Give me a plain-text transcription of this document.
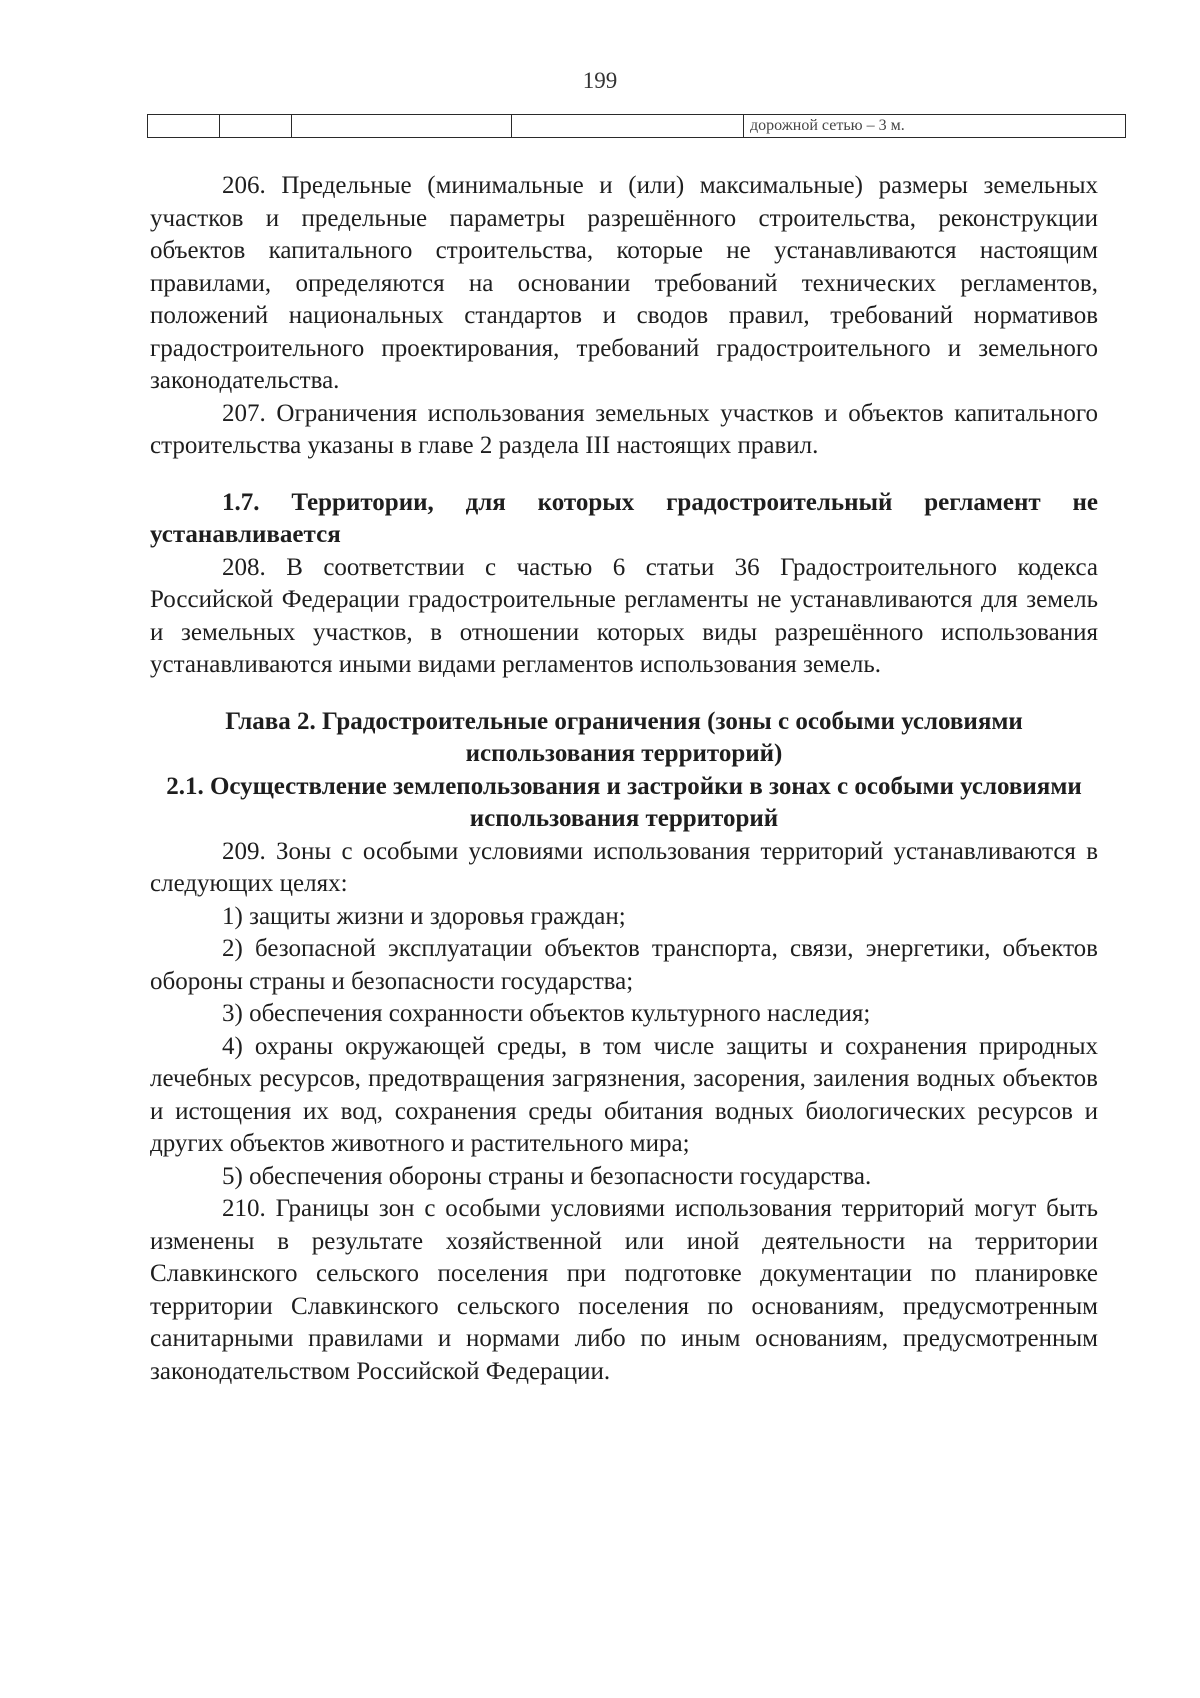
199
				дорожной сетью – 3 м.

206. Предельные (минимальные и (или) максимальные) размеры земельных участков и предельные параметры разрешённого строительства, реконструкции объектов капитального строительства, которые не устанавливаются настоящим правилами, определяются на основании требований технических регламентов, положений национальных стандартов и сводов правил, требований нормативов градостроительного проектирования, требований градостроительного и земельного законодательства.

207. Ограничения использования земельных участков и объектов капитального строительства указаны в главе 2 раздела III настоящих правил.

1.7. Территории, для которых градостроительный регламент не устанавливается

208. В соответствии с частью 6 статьи 36 Градостроительного кодекса Российской Федерации градостроительные регламенты не устанавливаются для земель и земельных участков, в отношении которых виды разрешённого использования устанавливаются иными видами регламентов использования земель.

Глава 2. Градостроительные ограничения (зоны с особыми условиями использования территорий)
2.1. Осуществление землепользования и застройки в зонах с особыми условиями использования территорий

209. Зоны с особыми условиями использования территорий устанавливаются в следующих целях:

1) защиты жизни и здоровья граждан;

2) безопасной эксплуатации объектов транспорта, связи, энергетики, объектов обороны страны и безопасности государства;

3) обеспечения сохранности объектов культурного наследия;

4) охраны окружающей среды, в том числе защиты и сохранения природных лечебных ресурсов, предотвращения загрязнения, засорения, заиления водных объектов и истощения их вод, сохранения среды обитания водных биологических ресурсов и других объектов животного и растительного мира;

5) обеспечения обороны страны и безопасности государства.

210. Границы зон с особыми условиями использования территорий могут быть изменены в результате хозяйственной или иной деятельности на территории Славкинского сельского поселения при подготовке документации по планировке территории Славкинского сельского поселения по основаниям, предусмотренным санитарными правилами и нормами либо по иным основаниям, предусмотренным законодательством Российской Федерации.
